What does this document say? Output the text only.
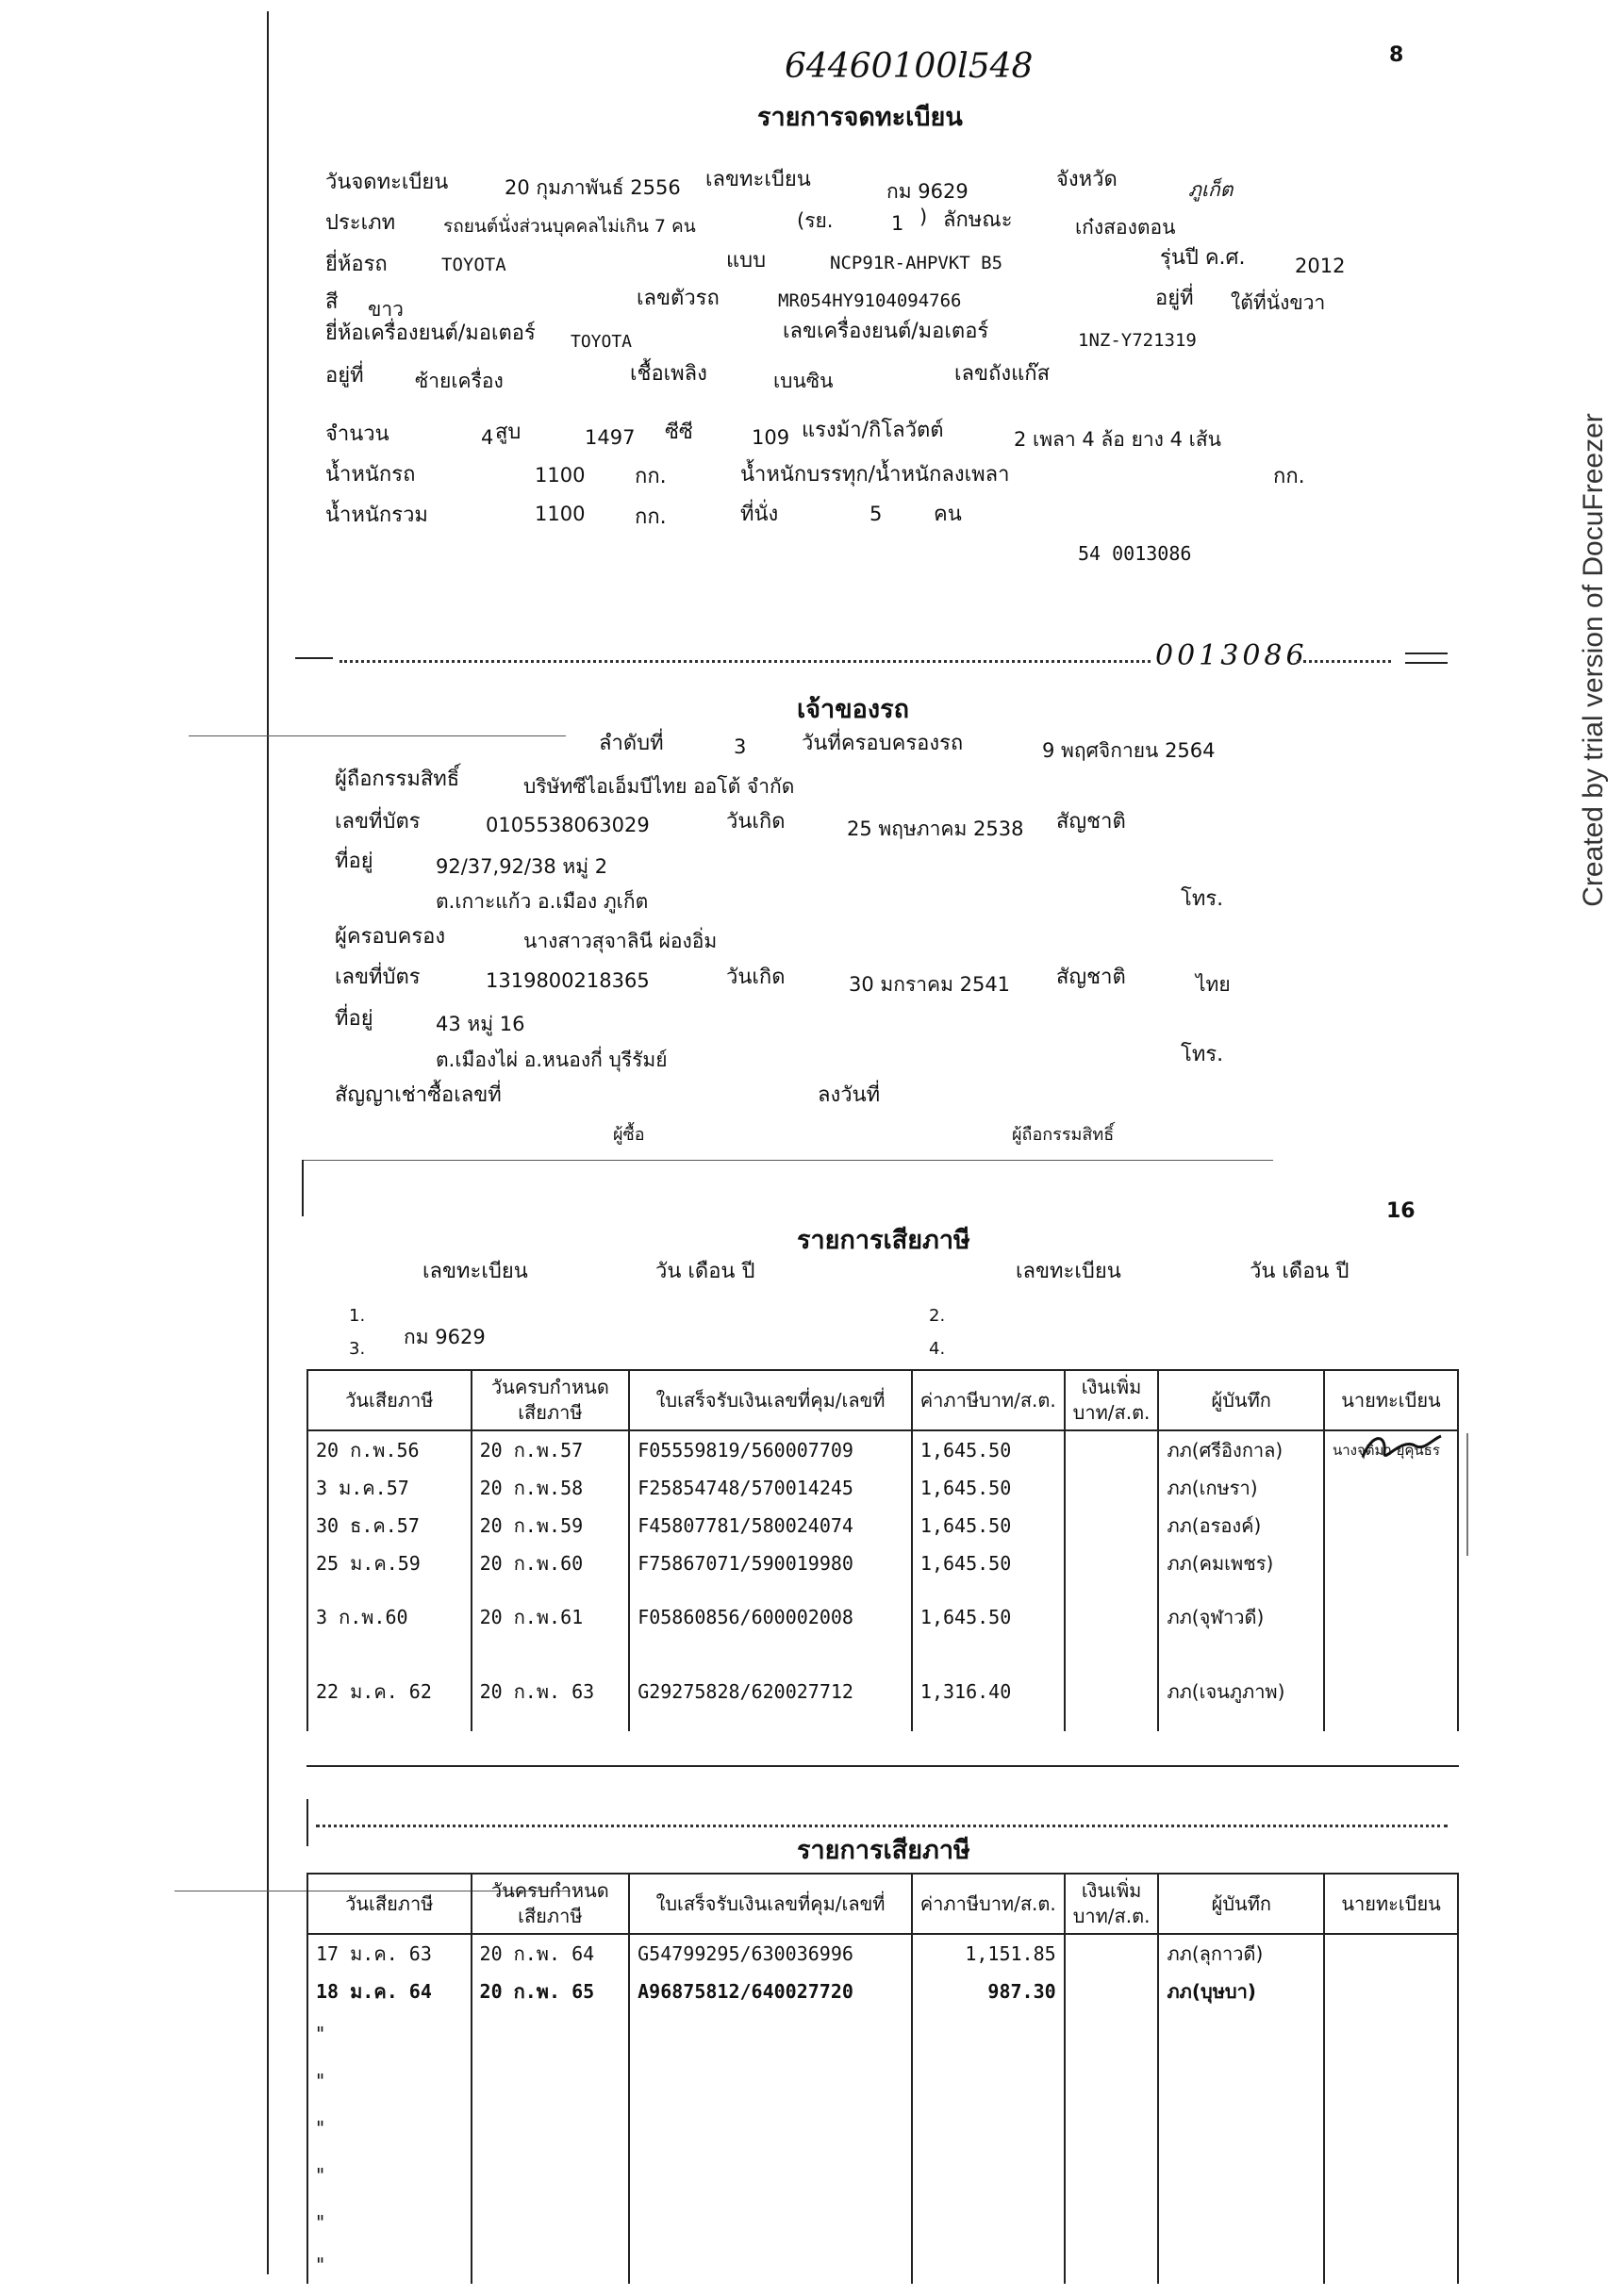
8
64460100l548
รายการจดทะเบียน
วันจดทะเบียน	20 กุมภาพันธ์ 2556 เลขทะเบียน	กม 9629	จังหวัด	ภูเก็ต
ประเภท	รถยนต์นั่งส่วนบุคคลไม่เกิน 7 คน	(รย.	1 ) ลักษณะ	เก๋งสองตอน
ยี่ห้อรถ	TOYOTA	แบบ	NCP91R-AHPVKT B5	รุ่นปี ค.ศ.	2012
สี ขาว	เลขตัวรถ	MR054HY9104094766	อยู่ที่ ใต้ที่นั่งขวา
ยี่ห้อเครื่องยนต์/มอเตอร์ TOYOTA	เลขเครื่องยนต์/มอเตอร์	1NZ-Y721319
อยู่ที่	ซ้ายเครื่อง	เชื้อเพลิง	เบนซิน	เลขถังแก๊ส
จำนวน	4 สูบ	1497 ซีซี	109 แรงม้า/กิโลวัตต์	2 เพลา 4 ล้อ ยาง 4 เส้น
น้ำหนักรถ	1100 กก.	น้ำหนักบรรทุก/น้ำหนักลงเพลา	กก.
น้ำหนักรวม	1100 กก.	ที่นั่ง	5 คน
54 0013086
0013086
เจ้าของรถ
ลำดับที่	3	วันที่ครอบครองรถ	9 พฤศจิกายน 2564
ผู้ถือกรรมสิทธิ์	บริษัทซีไอเอ็มบีไทย ออโต้ จำกัด
เลขที่บัตร	0105538063029	วันเกิด	25 พฤษภาคม 2538 สัญชาติ
ที่อยู่	92/37,92/38 หมู่ 2
ต.เกาะแก้ว อ.เมือง ภูเก็ต	โทร.
ผู้ครอบครอง	นางสาวสุจาลินี ผ่องอิ่ม
เลขที่บัตร	1319800218365	วันเกิด	30 มกราคม 2541 สัญชาติ	ไทย
ที่อยู่	43 หมู่ 16
ต.เมืองไผ่ อ.หนองกี่ บุรีรัมย์	โทร.
สัญญาเช่าซื้อเลขที่	ลงวันที่
ผู้ซื้อ	ผู้ถือกรรมสิทธิ์
16
รายการเสียภาษี
เลขทะเบียน	วัน เดือน ปี	เลขทะเบียน	วัน เดือน ปี
1.
กม 9629
2.
3.	4.
วันเสียภาษี	วันครบกำหนดเสียภาษี	ใบเสร็จรับเงินเลขที่คุม/เลขที่	ค่าภาษีบาท/ส.ต.	เงินเพิ่มบาท/ส.ต.	ผู้บันทึก	นายทะเบียน
20 ก.พ.56	20 ก.พ.57	F05559819/560007709	1,645.50		ภภ(ศรีอิงกาล)	นางจุติมา ยุคุนธร
3 ม.ค.57	20 ก.พ.58	F25854748/570014245	1,645.50		ภภ(เกษรา)	
30 ธ.ค.57	20 ก.พ.59	F45807781/580024074	1,645.50		ภภ(อรองค์)	
25 ม.ค.59	20 ก.พ.60	F75867071/590019980	1,645.50		ภภ(คมเพชร)	
3 ก.พ.60	20 ก.พ.61	F05860856/600002008	1,645.50		ภภ(จุฬาวดี)	
22 ม.ค. 62	20 ก.พ. 63	G29275828/620027712	1,316.40		ภภ(เจนภูภาพ)	
รายการเสียภาษี
วันเสียภาษี	วันครบกำหนดเสียภาษี	ใบเสร็จรับเงินเลขที่คุม/เลขที่	ค่าภาษีบาท/ส.ต.	เงินเพิ่มบาท/ส.ต.	ผู้บันทึก	นายทะเบียน
17 ม.ค. 63	20 ก.พ. 64	G54799295/630036996	1,151.85		ภภ(ลุกาวดี)	
18 ม.ค. 64	20 ก.พ. 65	A96875812/640027720	987.30		ภภ(บุษบา)	
"						
"						
"						
"						
"						
"						
Created by trial version of DocuFreezer
